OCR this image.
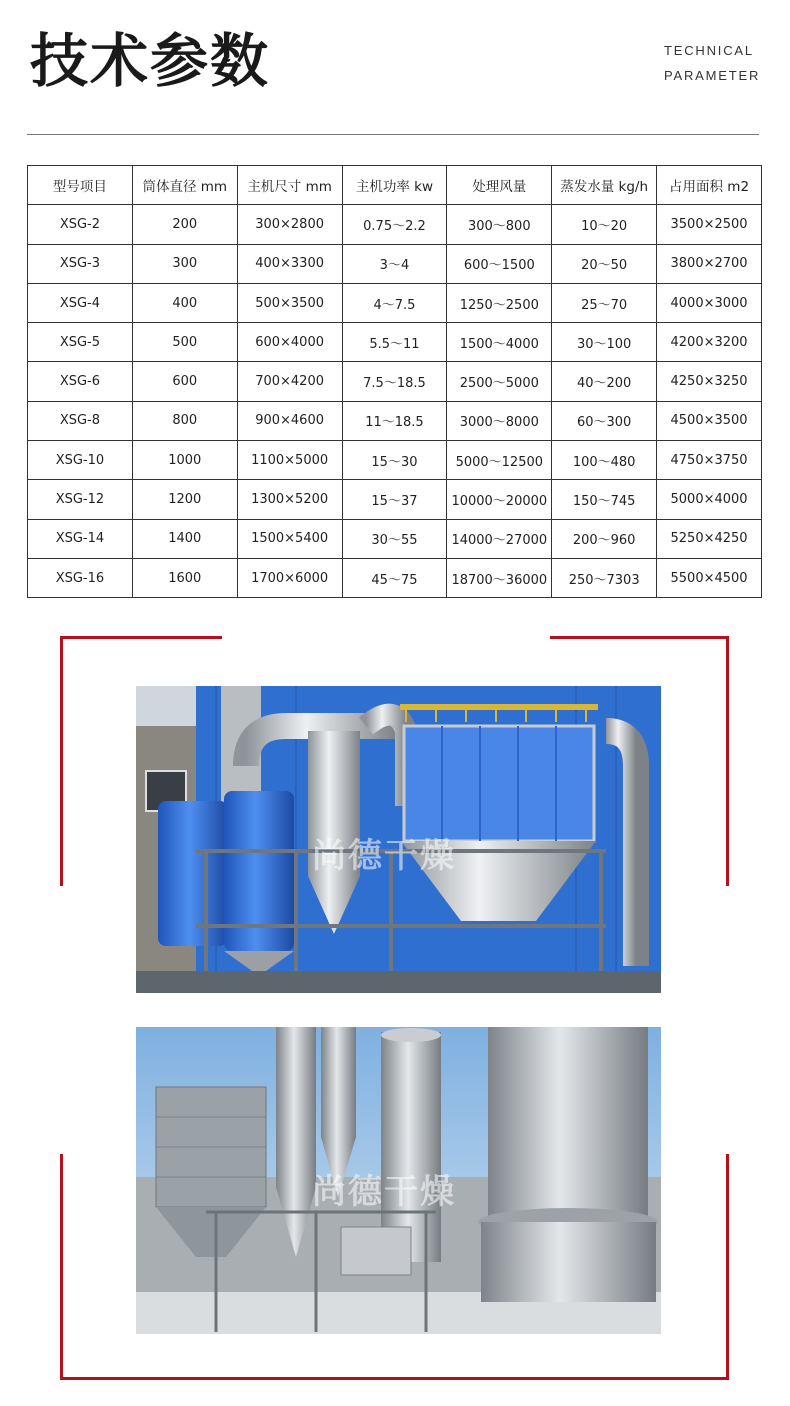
技术参数	TECHNICAL
PARAMETER
型号项目	筒体直径 mm	主机尺寸 mm	主机功率 kw	处理风量	蒸发水量 kg/h	占用面积 m2
XSG-2	200	300×2800	0.75～2.2	300～800	10～20	3500×2500
XSG-3	300	400×3300	3～4	600～1500	20～50	3800×2700
XSG-4	400	500×3500	4～7.5	1250～2500	25～70	4000×3000
XSG-5	500	600×4000	5.5～11	1500～4000	30～100	4200×3200
XSG-6	600	700×4200	7.5～18.5	2500～5000	40～200	4250×3250
XSG-8	800	900×4600	11～18.5	3000～8000	60～300	4500×3500
XSG-10	1000	1100×5000	15～30	5000～12500	100～480	4750×3750
XSG-12	1200	1300×5200	15～37	10000～20000	150～745	5000×4000
XSG-14	1400	1500×5400	30～55	14000～27000	200～960	5250×4250
XSG-16	1600	1700×6000	45～75	18700～36000	250～7303	5500×4500
尚德干燥
尚德干燥
